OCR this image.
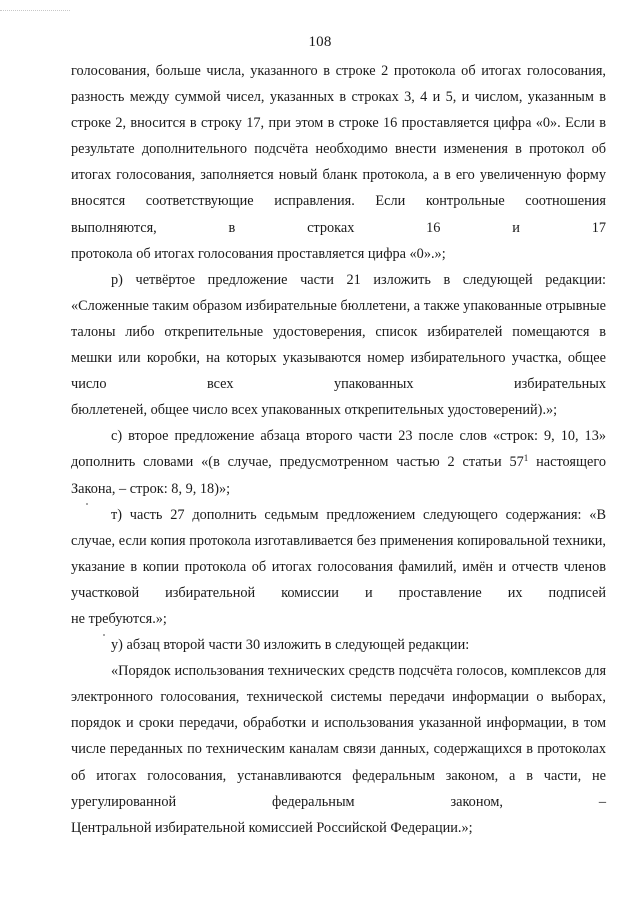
108

голосования, больше числа, указанного в строке 2 протокола об итогах голосования, разность между суммой чисел, указанных в строках 3, 4 и 5, и числом, указанным в строке 2, вносится в строку 17, при этом в строке 16 проставляется цифра «0». Если в результате дополнительного подсчёта необходимо внести изменения в протокол об итогах голосования, заполняется новый бланк протокола, а в его увеличенную форму вносятся соответствующие исправления. Если контрольные соотношения выполняются, в строках 16 и 17

протокола об итогах голосования проставляется цифра «0».»;

р) четвёртое предложение части 21 изложить в следующей редакции: «Сложенные таким образом избирательные бюллетени, а также упакованные отрывные талоны либо открепительные удостоверения, список избирателей помещаются в мешки или коробки, на которых указываются номер избирательного участка, общее число всех упакованных избирательных

бюллетеней, общее число всех упакованных открепительных удостоверений).»;

с) второе предложение абзаца второго части 23 после слов «строк: 9, 10, 13» дополнить словами «(в случае, предусмотренном частью 2 статьи $57^1$ настоящего

Закона, – строк: 8, 9, 18)»;

т) часть 27 дополнить седьмым предложением следующего содержания: «В случае, если копия протокола изготавливается без применения копировальной техники, указание в копии протокола об итогах голосования фамилий, имён и отчеств членов участковой избирательной комиссии и проставление их подписей

не требуются.»;

у) абзац второй части 30 изложить в следующей редакции:

«Порядок использования технических средств подсчёта голосов, комплексов для электронного голосования, технической системы передачи информации о выборах, порядок и сроки передачи, обработки и использования указанной информации, в том числе переданных по техническим каналам связи данных, содержащихся в протоколах об итогах голосования, устанавливаются федеральным законом, а в части, не урегулированной федеральным законом, –

Центральной избирательной комиссией Российской Федерации.»;
